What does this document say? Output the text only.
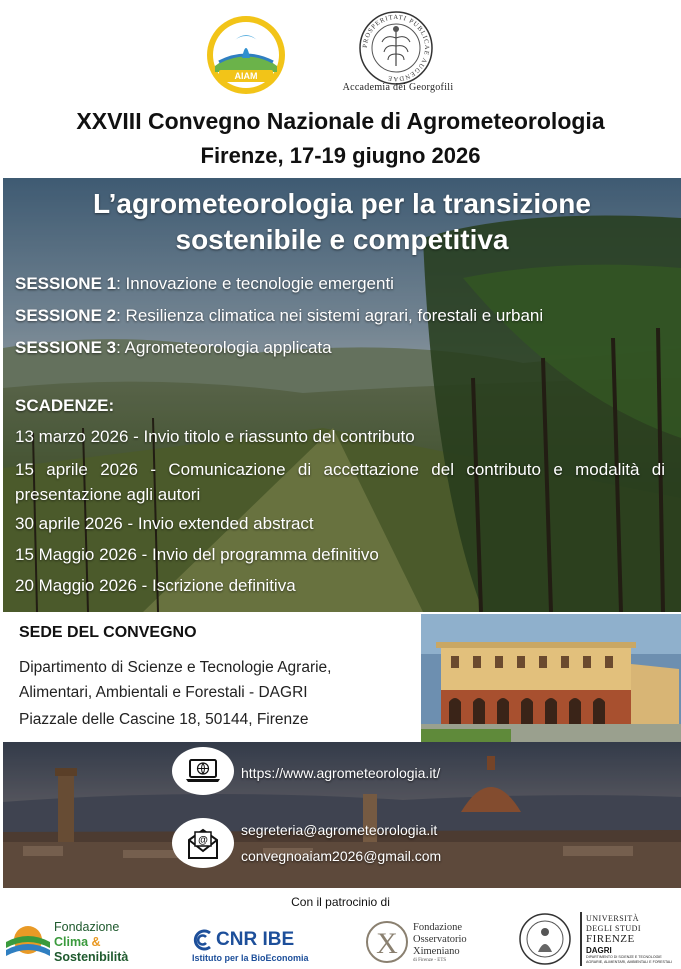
AIAM
PROSPERITATI PUBLICAE AUGENDAE
Accademia dei Georgofili
XXVIII Convegno Nazionale di Agrometeorologia
Firenze, 17-19 giugno 2026
L’agrometeorologia per la transizione
sostenibile e competitiva
SESSIONE 1: Innovazione e tecnologie emergenti
SESSIONE 2: Resilienza climatica nei sistemi agrari, forestali e urbani
SESSIONE 3: Agrometeorologia applicata
SCADENZE:
13 marzo 2026 - Invio titolo e riassunto del contributo
15 aprile 2026 - Comunicazione di accettazione del contributo e modalità di presentazione agli autori
30 aprile 2026 - Invio extended abstract
15 Maggio 2026 - Invio del programma definitivo
20 Maggio 2026 - Iscrizione definitiva
SEDE DEL CONVEGNO
Dipartimento di Scienze e Tecnologie Agrarie,
Alimentari, Ambientali e Forestali - DAGRI
Piazzale delle Cascine 18, 50144, Firenze
https://www.agrometeorologia.it/
@
segreteria@agrometeorologia.it
convegnoaiam2026@gmail.com
Con il patrocinio di
Fondazione
Clima &
Sostenibilità
CNR IBE
Istituto per la BioEconomia X Fondazione
Osservatorio
Ximeniano
di Firenze - ETS
UNIVERSITÀ
DEGLI STUDI
FIRENZE
DAGRI
DIPARTIMENTO DI SCIENZE E TECNOLOGIE AGRARIE, ALIMENTARI, AMBIENTALI E FORESTALI
